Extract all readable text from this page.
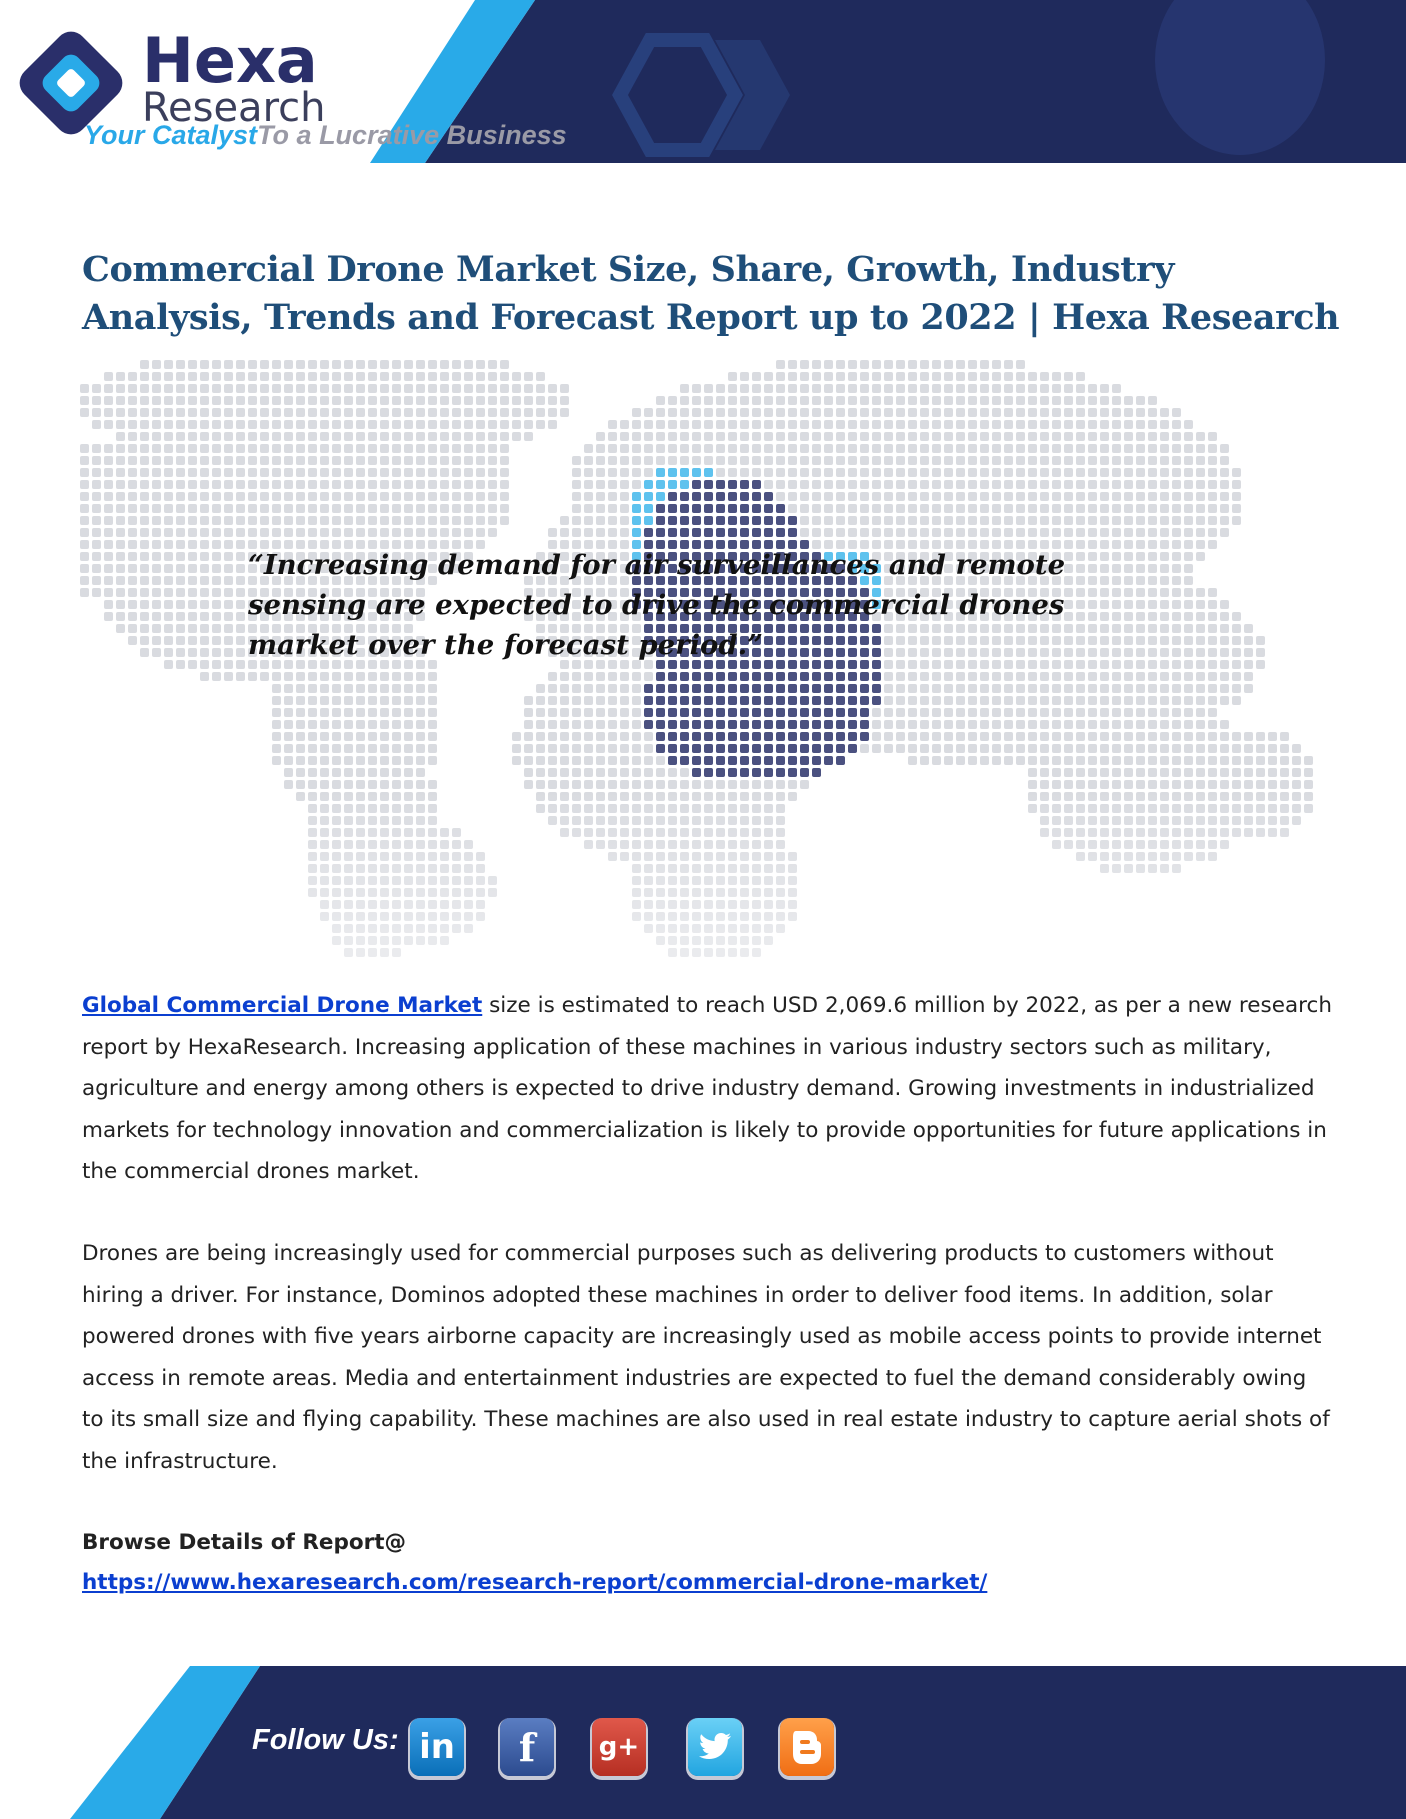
Hexa
Research
Your CatalystTo a Lucrative Business
Commercial Drone Market Size, Share, Growth, Industry Analysis, Trends and Forecast Report up to 2022 | Hexa Research

“Increasing demand for air surveillances and remote sensing are expected to drive the commercial drones market over the forecast period.”

Global Commercial Drone Market size is estimated to reach USD 2,069.6 million by 2022, as per a new research report by HexaResearch. Increasing application of these machines in various industry sectors such as military, agriculture and energy among others is expected to drive industry demand. Growing investments in industrialized markets for technology innovation and commercialization is likely to provide opportunities for future applications in the commercial drones market.

Drones are being increasingly used for commercial purposes such as delivering products to customers without hiring a driver. For instance, Dominos adopted these machines in order to deliver food items. In addition, solar powered drones with five years airborne capacity are increasingly used as mobile access points to provide internet access in remote areas. Media and entertainment industries are expected to fuel the demand considerably owing to its small size and flying capability. These machines are also used in real estate industry to capture aerial shots of the infrastructure.

Browse Details of Report@
https://www.hexaresearch.com/research-report/commercial-drone-market/
Follow Us: in f g+
